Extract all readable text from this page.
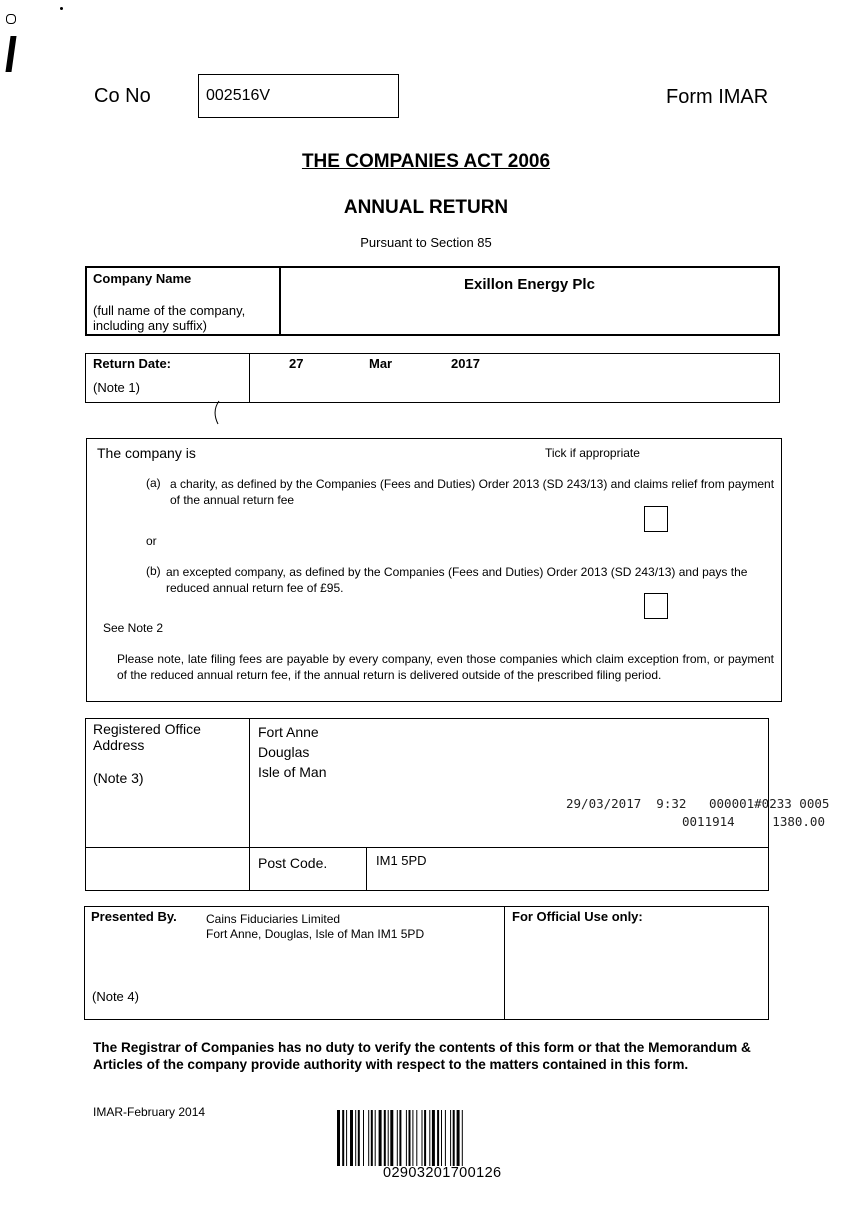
Co No	002516V	Form IMAR
THE COMPANIES ACT 2006
ANNUAL RETURN
Pursuant to Section 85
Company Name
(full name of the company, including any suffix)
Exillon Energy Plc
Return Date:
(Note 1)
27	Mar	2017
The company is	Tick if appropriate
(a) a charity, as defined by the Companies (Fees and Duties) Order 2013 (SD 243/13) and claims relief from payment of the annual return fee
or
(b) an excepted company, as defined by the Companies (Fees and Duties) Order 2013 (SD 243/13) and pays the reduced annual return fee of £95.
See Note 2
Please note, late filing fees are payable by every company, even those companies which claim exception from, or payment of the reduced annual return fee, if the annual return is delivered outside of the prescribed filing period.
Registered Office Address
(Note 3)
Fort Anne
Douglas
Isle of Man
Post Code.	IM1 5PD
29/03/2017  9:32   000001#0233 0005
0011914     1380.00
Presented By. Cains Fiduciaries Limited
Fort Anne, Douglas, Isle of Man IM1 5PD
(Note 4)
For Official Use only:
The Registrar of Companies has no duty to verify the contents of this form or that the Memorandum & Articles of the company provide authority with respect to the matters contained in this form.
IMAR-February 2014
02903201700126
